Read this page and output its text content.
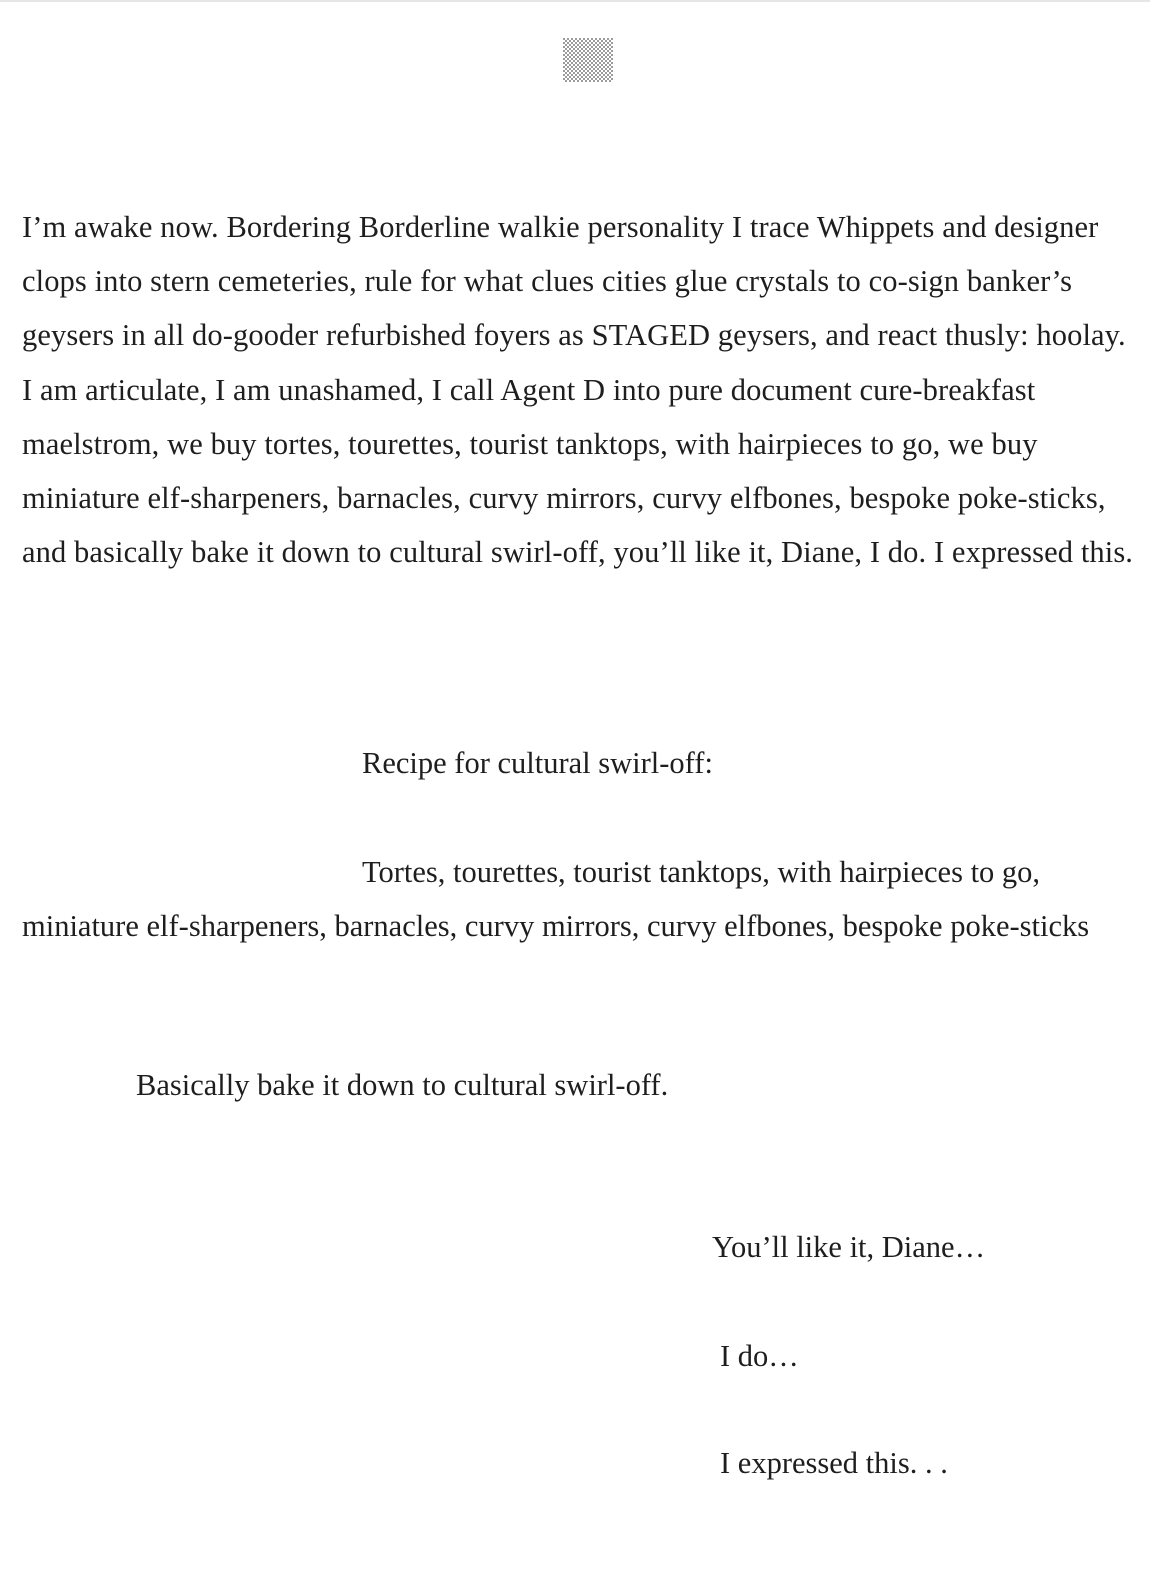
I’m awake now. Bordering Borderline walkie personality I trace Whippets and designer clops into stern cemeteries, rule for what clues cities glue crystals to co-sign banker’s geysers in all do-gooder refurbished foyers as STAGED geysers, and react thusly: hoolay. I am articulate, I am unashamed, I call Agent D into pure document cure-breakfast maelstrom, we buy tortes, tourettes, tourist tanktops, with hairpieces to go, we buy miniature elf-sharpeners, barnacles, curvy mirrors, curvy elfbones, bespoke poke-sticks, and basically bake it down to cultural swirl-off, you’ll like it, Diane, I do. I expressed this.

Recipe for cultural swirl-off:

Tortes, tourettes, tourist tanktops, with hairpieces to go, miniature elf-sharpeners, barnacles, curvy mirrors, curvy elfbones, bespoke poke-sticks

Basically bake it down to cultural swirl-off.

You’ll like it, Diane…

I do…

I expressed this. . .
